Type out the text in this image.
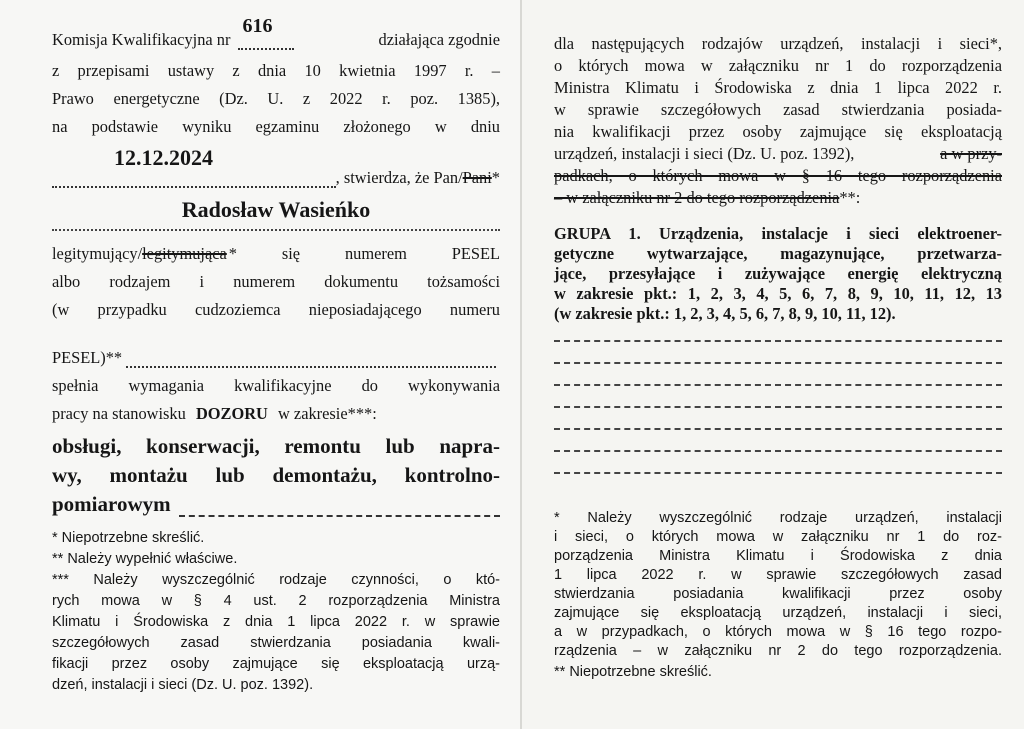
Komisja Kwalifikacyjna nr
616
działająca zgodnie
z przepisami ustawy z dnia 10 kwietnia 1997 r. –
Prawo energetyczne (Dz. U. z 2022 r. poz. 1385),
na podstawie wyniku egzaminu złożonego w dniu
12.12.2024
, stwierdza, że Pan/ Pani *
Radosław Wasieńko
legitymujący/ legitymująca * się numerem PESEL
albo rodzajem i numerem dokumentu tożsamości
(w przypadku cudzoziemca nieposiadającego numeru
PESEL)**
spełnia wymagania kwalifikacyjne do wykonywania
pracy na stanowisku DOZORU w zakresie***:
obsługi, konserwacji, remontu lub napra-
wy, montażu lub demontażu, kontrolno-
pomiarowym
* Niepotrzebne skreślić.
** Należy wypełnić właściwe.
*** Należy wyszczególnić rodzaje czynności, o któ-
rych mowa w § 4 ust. 2 rozporządzenia Ministra
Klimatu i Środowiska z dnia 1 lipca 2022 r. w sprawie
szczegółowych zasad stwierdzania posiadania kwali-
fikacji przez osoby zajmujące się eksploatacją urzą-
dzeń, instalacji i sieci (Dz. U. poz. 1392).
dla następujących rodzajów urządzeń, instalacji i sieci*,
o których mowa w załączniku nr 1 do rozporządzenia
Ministra Klimatu i Środowiska z dnia 1 lipca 2022 r.
w sprawie szczegółowych zasad stwierdzania posiada-
nia kwalifikacji przez osoby zajmujące się eksploatacją
urządzeń, instalacji i sieci (Dz. U. poz. 1392),	a w przy-
padkach, o których mowa w § 16 tego rozporządzenia
– w załączniku nr 2 do tego rozporządzenia**:
GRUPA 1. Urządzenia, instalacje i sieci elektroener-
getyczne wytwarzające, magazynujące, przetwarza-
jące, przesyłające i zużywające energię elektryczną
w zakresie pkt.: 1, 2, 3, 4, 5, 6, 7, 8, 9, 10, 11, 12, 13
(w zakresie pkt.: 1, 2, 3, 4, 5, 6, 7, 8, 9, 10, 11, 12).
* Należy wyszczególnić rodzaje urządzeń, instalacji
i sieci, o których mowa w załączniku nr 1 do roz-
porządzenia Ministra Klimatu i Środowiska z dnia
1 lipca 2022 r. w sprawie szczegółowych zasad
stwierdzania posiadania kwalifikacji przez osoby
zajmujące się eksploatacją urządzeń, instalacji i sieci,
a w przypadkach, o których mowa w § 16 tego rozpo-
rządzenia – w załączniku nr 2 do tego rozporządzenia.
** Niepotrzebne skreślić.
